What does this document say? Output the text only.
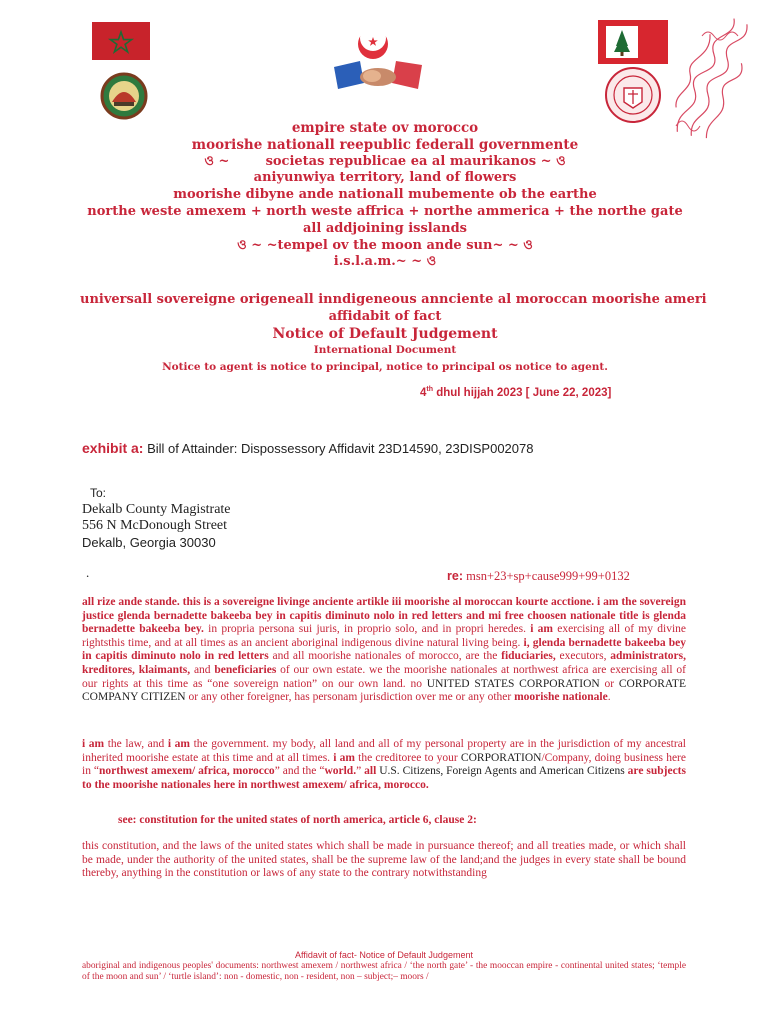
empire state ov morocco
moorishe nationall reepublic federall governmente
ও ~	societas republicae ea al maurikanos ~ ও
aniyunwiya territory, land of flowers
moorishe dibyne ande nationall mubemente ob the earthe
northe weste amexem + north weste affrica + northe ammerica + the northe gate
all addjoining isslands
ও ~ ~tempel ov the moon ande sun~ ~ ও
i.s.l.a.m.~ ~ ও
universall sovereigne origeneall inndigeneous annciente al moroccan moorishe ameri
affidabit of fact
Notice of Default Judgement
International Document
Notice to agent is notice to principal, notice to principal os notice to agent.
4th dhul hijjah 2023 [ June 22, 2023]
exhibit a: Bill of Attainder: Dispossessory Affidavit 23D14590, 23DISP002078
To:
Dekalb County Magistrate
556 N McDonough Street
Dekalb, Georgia 30030
.	re: msn+23+sp+cause999+99+0132
all rize ande stande. this is a sovereigne livinge anciente artikle iii moorishe al moroccan kourte acctione. i am the sovereign justice glenda bernadette bakeeba bey in capitis diminuto nolo in red letters and mi free choosen nationale title is glenda bernadette bakeeba bey. in propria persona sui juris, in proprio solo, and in propri heredes. i am exercising all of my divine rightsthis time, and at all times as an ancient aboriginal indigenous divine natural living being. i, glenda bernadette bakeeba bey in capitis diminuto nolo in red letters and all moorishe nationales of morocco, are the fiduciaries, executors, administrators, kreditores, klaimants, and beneficiaries of our own estate. we the moorishe nationales at northwest africa are exercising all of our rights at this time as “one sovereign nation” on our own land. no UNITED STATES CORPORATION or CORPORATE COMPANY CITIZEN or any other foreigner, has personam jurisdiction over me or any other moorishe nationale.
i am the law, and i am the government. my body, all land and all of my personal property are in the jurisdiction of my ancestral inherited moorishe estate at this time and at all times. i am the creditoree to your CORPORATION/Company, doing business here in “northwest amexem/ africa, morocco” and the “world.” all U.S. Citizens, Foreign Agents and American Citizens are subjects to the moorishe nationales here in northwest amexem/ africa, morocco.
see: constitution for the united states of north america, article 6, clause 2:
this constitution, and the laws of the united states which shall be made in pursuance thereof; and all treaties made, or which shall be made, under the authority of the united states, shall be the supreme law of the land;and the judges in every state shall be bound thereby, anything in the constitution or laws of any state to the contrary notwithstanding
Affidavit of fact- Notice of Default Judgement
aboriginal and indigenous peoples' documents: northwest amexem / northwest africa / ‘the north gate’ - the mooccan empire - continental united states; ‘temple of the moon and sun’ / ‘turtle island’: non - domestic, non - resident, non – subject;– moors /
